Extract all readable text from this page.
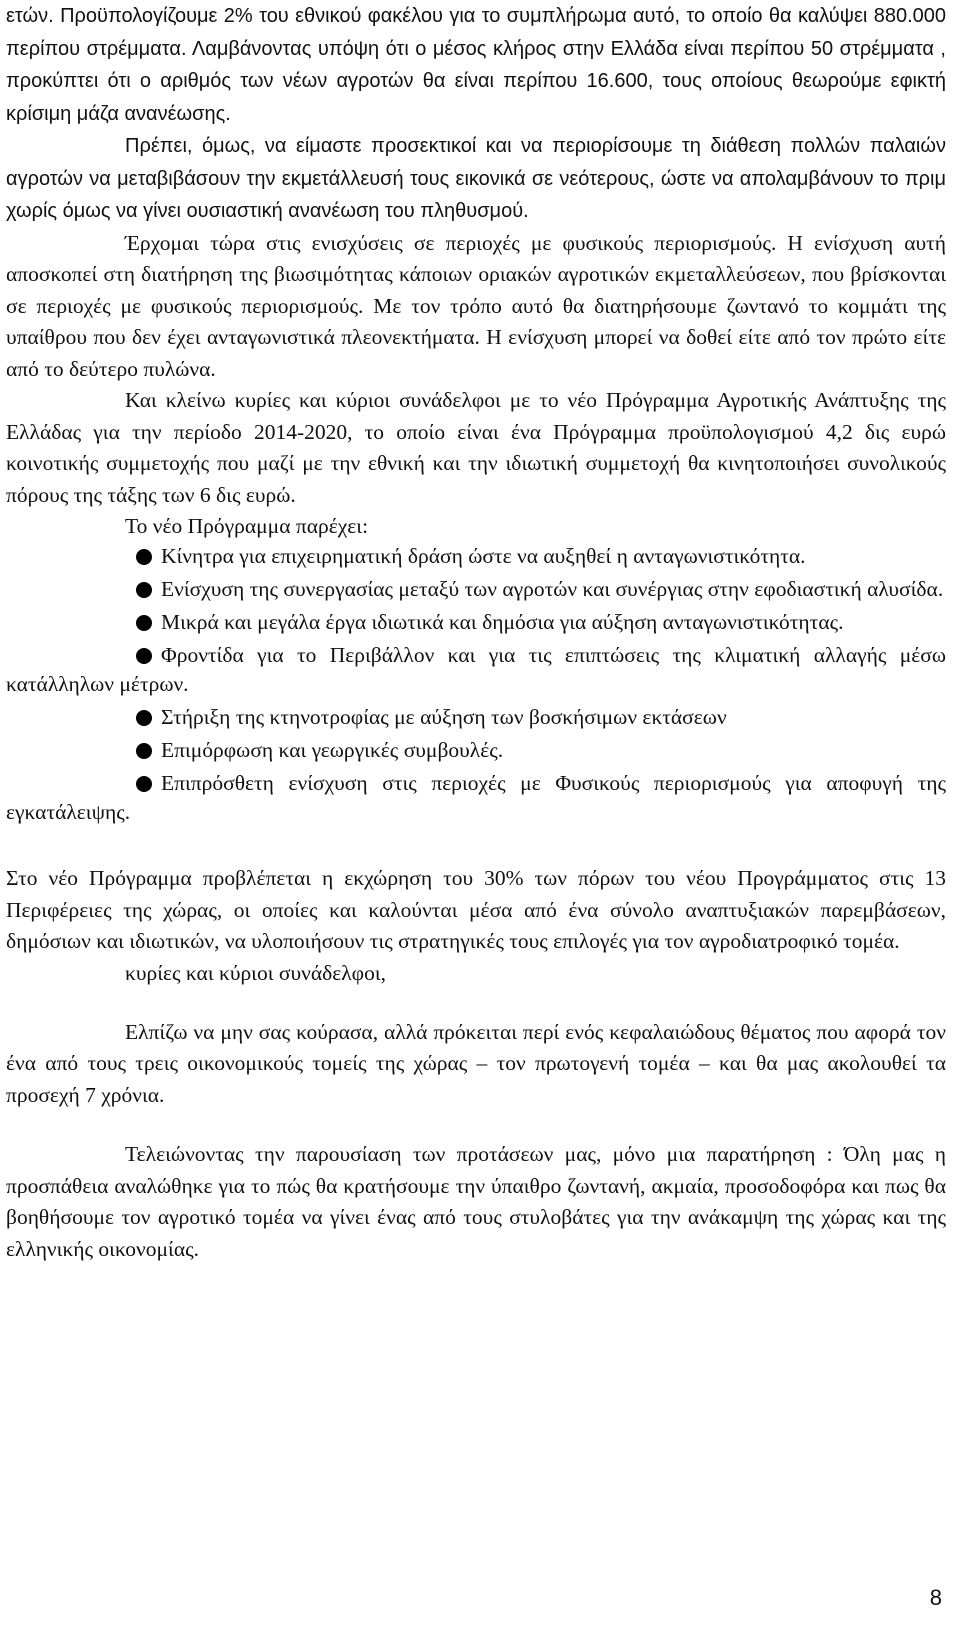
ετών. Προϋπολογίζουμε 2% του εθνικού φακέλου για το συμπλήρωμα αυτό, το οποίο θα καλύψει 880.000 περίπου στρέμματα. Λαμβάνοντας υπόψη ότι ο μέσος κλήρος στην Ελλάδα είναι περίπου 50 στρέμματα , προκύπτει ότι ο αριθμός των νέων αγροτών θα είναι περίπου 16.600, τους οποίους θεωρούμε εφικτή κρίσιμη μάζα ανανέωσης.

Πρέπει, όμως, να είμαστε προσεκτικοί και να περιορίσουμε τη διάθεση πολλών παλαιών αγροτών να μεταβιβάσουν την εκμετάλλευσή τους εικονικά σε νεότερους, ώστε να απολαμβάνουν το πριμ χωρίς όμως να γίνει ουσιαστική ανανέωση του πληθυσμού.

Έρχομαι τώρα στις ενισχύσεις σε περιοχές με φυσικούς περιορισμούς. Η ενίσχυση αυτή αποσκοπεί στη διατήρηση της βιωσιμότητας κάποιων οριακών αγροτικών εκμεταλλεύσεων, που βρίσκονται σε περιοχές με φυσικούς περιορισμούς. Με τον τρόπο αυτό θα διατηρήσουμε ζωντανό το κομμάτι της υπαίθρου που δεν έχει ανταγωνιστικά πλεονεκτήματα. Η ενίσχυση μπορεί να δοθεί είτε από τον πρώτο είτε από το δεύτερο πυλώνα.

Και κλείνω κυρίες και κύριοι συνάδελφοι με το νέο Πρόγραμμα Αγροτικής Ανάπτυξης της Ελλάδας για την περίοδο 2014-2020, το οποίο είναι ένα Πρόγραμμα προϋπολογισμού 4,2 δις ευρώ κοινοτικής συμμετοχής που μαζί με την εθνική και την ιδιωτική συμμετοχή θα κινητοποιήσει συνολικούς πόρους της τάξης των 6 δις ευρώ.

Το νέο Πρόγραμμα παρέχει:

Κίνητρα για επιχειρηματική δράση ώστε να αυξηθεί η ανταγωνιστικότητα.
Ενίσχυση της συνεργασίας μεταξύ των αγροτών και συνέργιας στην εφοδιαστική αλυσίδα.
Μικρά και μεγάλα έργα ιδιωτικά και δημόσια για αύξηση ανταγωνιστικότητας.
Φροντίδα για το Περιβάλλον και για τις επιπτώσεις της κλιματική αλλαγής μέσω κατάλληλων μέτρων.
Στήριξη της κτηνοτροφίας με αύξηση των βοσκήσιμων εκτάσεων
Επιμόρφωση και γεωργικές συμβουλές.
Επιπρόσθετη ενίσχυση στις περιοχές με Φυσικούς περιορισμούς για αποφυγή της εγκατάλειψης.

Στο νέο Πρόγραμμα προβλέπεται η εκχώρηση του 30% των πόρων του νέου Προγράμματος στις 13 Περιφέρειες της χώρας, οι οποίες και καλούνται μέσα από ένα σύνολο αναπτυξιακών παρεμβάσεων, δημόσιων και ιδιωτικών, να υλοποιήσουν τις στρατηγικές τους επιλογές για τον αγροδιατροφικό τομέα.

κυρίες και κύριοι συνάδελφοι,

Ελπίζω να μην σας κούρασα, αλλά πρόκειται περί ενός κεφαλαιώδους θέματος που αφορά τον ένα από τους τρεις οικονομικούς τομείς της χώρας – τον πρωτογενή τομέα – και θα μας ακολουθεί τα προσεχή 7 χρόνια.

Τελειώνοντας την παρουσίαση των προτάσεων μας, μόνο μια παρατήρηση : Όλη μας η προσπάθεια αναλώθηκε για το πώς θα κρατήσουμε την ύπαιθρο ζωντανή, ακμαία, προσοδοφόρα και πως θα βοηθήσουμε τον αγροτικό τομέα να γίνει ένας από τους στυλοβάτες για την ανάκαμψη της χώρας και της ελληνικής οικονομίας.

8
